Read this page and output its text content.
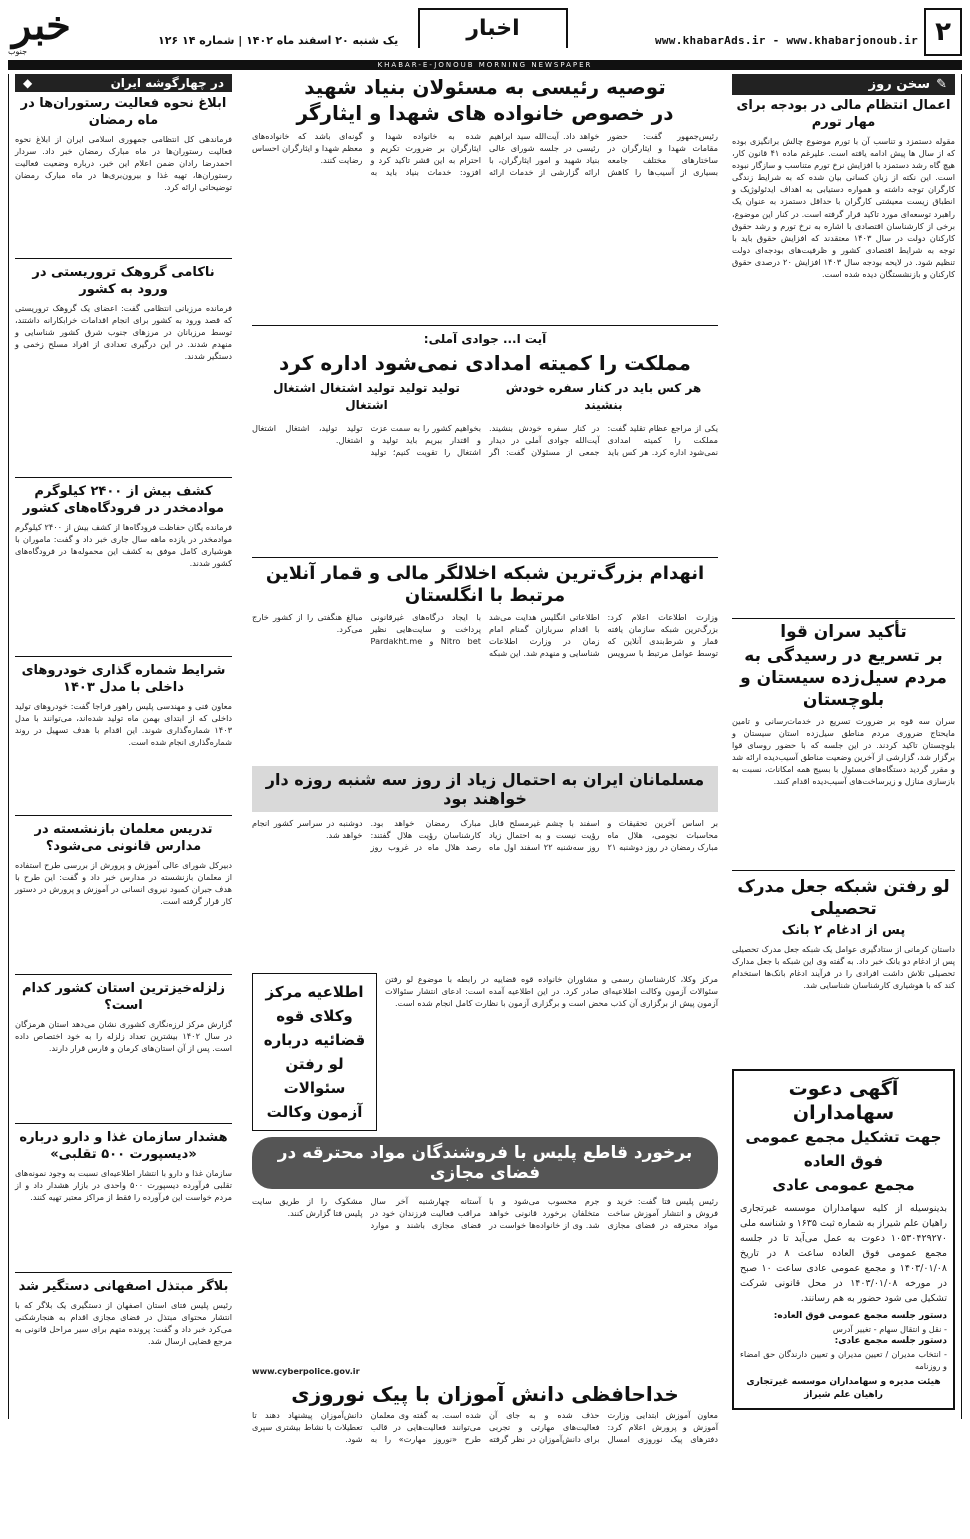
۲
www.khabarAds.ir - www.khabarjonoub.ir
اخبار
یک شنبه ۲۰ اسفند ماه ۱۴۰۲ | شماره ۱۴ ۱۲۶
خبر
جنوب
KHABAR-E-JONOUB MORNING NEWSPAPER
✎
سخن روز
اعمال انتظام مالی در بودجه برای مهار تورم
مقوله دستمزد و تناسب آن با تورم موضوع چالش برانگیزی بوده که از سال ها پیش ادامه یافته است. علیرغم ماده ۴۱ قانون کار، هیچ گاه رشد دستمزد با افزایش نرخ تورم متناسب و سازگار نبوده است. این نکته از زبان کسانی بیان شده که به شرایط زندگی کارگران توجه داشته و همواره دستیابی به اهداف ایدئولوژیک و انطباق زیست معیشتی کارگران با حداقل دستمزد به عنوان یک راهبرد توسعه‌ای مورد تاکید قرار گرفته است. در کنار این موضوع، برخی از کارشناسان اقتصادی با اشاره به نرخ تورم و رشد حقوق کارکنان دولت در سال ۱۴۰۳ معتقدند که افزایش حقوق باید با توجه به شرایط اقتصادی کشور و ظرفیت‌های بودجه‌ای دولت تنظیم شود. در لایحه بودجه سال ۱۴۰۳ افزایش ۲۰ درصدی حقوق کارکنان و بازنشستگان دیده شده است.
تأکید سران قوا
بر تسریع در رسیدگی به مردم سیل‌زده سیستان و بلوچستان
سران سه قوه بر ضرورت تسریع در خدمات‌رسانی و تامین مایحتاج ضروری مردم مناطق سیل‌زده استان سیستان و بلوچستان تاکید کردند. در این جلسه که با حضور روسای قوا برگزار شد، گزارشی از آخرین وضعیت مناطق آسیب‌دیده ارائه شد و مقرر گردید دستگاه‌های مسئول با بسیج همه امکانات، نسبت به بازسازی منازل و زیرساخت‌های آسیب‌دیده اقدام کنند.
لو رفتن شبکه جعل مدرک تحصیلی
پس از ادغام ۲ بانک
داستان کرمانی از ستادگیری عوامل یک شبکه جعل مدرک تحصیلی پس از ادغام دو بانک خبر داد. به گفته وی این شبکه با جعل مدارک تحصیلی تلاش داشت افرادی را در فرآیند ادغام بانک‌ها استخدام کند که با هوشیاری کارشناسان شناسایی شد.
آگهی دعوت سهامداران
جهت تشکیل مجمع عمومی فوق العاده
مجمع عمومی عادی
بدینوسیله از کلیه سهامداران موسسه غیرتجاری راهیان علم شیراز به شماره ثبت ۱۶۳۵ و شناسه ملی ۱۰۵۳۰۴۲۹۲۷۰ دعوت به عمل می‌آید تا در جلسه مجمع عمومی فوق العاده ساعت ۸ در تاریخ ۱۴۰۳/۰۱/۰۸ و مجمع عمومی عادی ساعت ۱۰ صبح در مورخه ۱۴۰۳/۰۱/۰۸ در محل قانونی شرکت تشکیل می شود حضور به هم رسانند.
دستور جلسه مجمع عمومی فوق العاده:
- نقل و انتقال سهام - تغییر آدرس
دستور جلسه مجمع عادی:
- انتخاب مدیران / تعیین مدیران و تعیین دارندگان حق امضاء و روزنامه
هیئت مدیره و سهامداران موسسه غیرتجاری راهیان علم شیراز
توصیه رئیسی به مسئولان بنیاد شهید
در خصوص خانواده های شهدا و ایثارگر
رئیس‌جمهور گفت: حضور مقامات شهدا و ایثارگران در ساختارهای مختلف جامعه بسیاری از آسیب‌ها را کاهش خواهد داد. آیت‌الله سید ابراهیم رئیسی در جلسه شورای عالی بنیاد شهید و امور ایثارگران، با ارائه گزارشی از خدمات ارائه شده به خانواده شهدا و ایثارگران بر ضرورت تکریم و احترام به این قشر تاکید کرد و افزود: خدمات بنیاد باید به گونه‌ای باشد که خانواده‌های معظم شهدا و ایثارگران احساس رضایت کنند.
آیت ا... جوادی آملی:
مملکت را کمیته امدادی نمی‌شود اداره کرد
هر کس باید در کنار سفره خودش بنشیند
تولید تولید تولید اشتغال اشتغال اشتغال
یکی از مراجع عظام تقلید گفت: مملکت را کمیته امدادی نمی‌شود اداره کرد. هر کس باید در کنار سفره خودش بنشیند. آیت‌الله جوادی آملی در دیدار جمعی از مسئولان گفت: اگر بخواهیم کشور را به سمت عزت و اقتدار ببریم باید تولید و اشتغال را تقویت کنیم؛ تولید تولید تولید، اشتغال اشتغال اشتغال.
انهدام بزرگ‌ترین شبکه اخلالگر مالی و قمار آنلاین مرتبط با انگلستان
وزارت اطلاعات اعلام کرد: بزرگ‌ترین شبکه سازمان یافته قمار و شرط‌بندی آنلاین که توسط عوامل مرتبط با سرویس اطلاعاتی انگلیس هدایت می‌شد با اقدام سربازان گمنام امام زمان در وزارت اطلاعات شناسایی و منهدم شد. این شبکه با ایجاد درگاه‌های غیرقانونی پرداخت و سایت‌هایی نظیر Nitro bet و Pardakht.me مبالغ هنگفتی را از کشور خارج می‌کرد.
مسلمانان ایران به احتمال زیاد از روز سه شنبه روزه دار خواهند بود
بر اساس آخرین تحقیقات و محاسبات نجومی، هلال ماه مبارک رمضان در روز دوشنبه ۲۱ اسفند با چشم غیرمسلح قابل رؤیت نیست و به احتمال زیاد روز سه‌شنبه ۲۲ اسفند اول ماه مبارک رمضان خواهد بود. کارشناسان رؤیت هلال گفتند: رصد هلال ماه در غروب روز دوشنبه در سراسر کشور انجام خواهد شد.
مرکز وکلا، کارشناسان رسمی و مشاوران خانواده قوه قضاییه در رابطه با موضوع لو رفتن سئوالات آزمون وکالت اطلاعیه‌ای صادر کرد. در این اطلاعیه آمده است: ادعای انتشار سئوالات آزمون پیش از برگزاری آن کذب محض است و برگزاری آزمون با نظارت کامل انجام شده است.
اطلاعیه مرکز وکلای قوه قضائیه درباره لو رفتن سئوالات آزمون وکالت
برخورد قاطع پلیس با فروشندگان مواد محترقه در فضای مجازی
رئیس پلیس فتا گفت: خرید و فروش و انتشار آموزش ساخت مواد محترقه در فضای مجازی جرم محسوب می‌شود و با متخلفان برخورد قانونی خواهد شد. وی از خانواده‌ها خواست در آستانه چهارشنبه آخر سال مراقب فعالیت فرزندان خود در فضای مجازی باشند و موارد مشکوک را از طریق سایت پلیس فتا گزارش کنند.
www.cyberpolice.gov.ir
خداحافظی دانش آموزان با پیک نوروزی
معاون آموزش ابتدایی وزارت آموزش و پرورش اعلام کرد: دفترهای پیک نوروزی امسال حذف شده و به جای آن فعالیت‌های مهارتی و تجربی برای دانش‌آموزان در نظر گرفته شده است. به گفته وی معلمان می‌توانند فعالیت‌هایی در قالب طرح «نوروز مهارت» را به دانش‌آموزان پیشنهاد دهند تا تعطیلات با نشاط بیشتری سپری شود.
در چهارگوشه ایران
◆
ابلاغ نحوه فعالیت رستوران‌ها در ماه رمضان
فرماندهی کل انتظامی جمهوری اسلامی ایران از ابلاغ نحوه فعالیت رستوران‌ها در ماه مبارک رمضان خبر داد. سردار احمدرضا رادان ضمن اعلام این خبر، درباره وضعیت فعالیت رستوران‌ها، تهیه غذا و بیرون‌بری‌ها در ماه مبارک رمضان توضیحاتی ارائه کرد.
ناکامی گروهک تروریستی در ورود به کشور
فرمانده مرزبانی انتظامی گفت: اعضای یک گروهک تروریستی که قصد ورود به کشور برای انجام اقدامات خرابکارانه داشتند، توسط مرزبانان در مرزهای جنوب شرق کشور شناسایی و منهدم شدند. در این درگیری تعدادی از افراد مسلح زخمی و دستگیر شدند.
کشف بیش از ۲۴۰۰ کیلوگرم موادمخدر در فرودگاه‌های کشور
فرمانده یگان حفاظت فرودگاه‌ها از کشف بیش از ۲۴۰۰ کیلوگرم موادمخدر در یازده ماهه سال جاری خبر داد و گفت: ماموران با هوشیاری کامل موفق به کشف این محموله‌ها در فرودگاه‌های کشور شدند.
شرایط شماره گذاری خودروهای داخلی با مدل ۱۴۰۳
معاون فنی و مهندسی پلیس راهور فراجا گفت: خودروهای تولید داخلی که از ابتدای بهمن ماه تولید شده‌اند، می‌توانند با مدل ۱۴۰۳ شماره‌گذاری شوند. این اقدام با هدف تسهیل در روند شماره‌گذاری انجام شده است.
تدریس معلمان بازنشسته در مدارس قانونی می‌شود؟
دبیرکل شورای عالی آموزش و پرورش از بررسی طرح استفاده از معلمان بازنشسته در مدارس خبر داد و گفت: این طرح با هدف جبران کمبود نیروی انسانی در آموزش و پرورش در دستور کار قرار گرفته است.
زلزله‌خیزترین استان کشور کدام است؟
گزارش مرکز لرزه‌نگاری کشوری نشان می‌دهد استان هرمزگان در سال ۱۴۰۲ بیشترین تعداد زلزله را به خود اختصاص داده است. پس از آن استان‌های کرمان و فارس قرار دارند.
هشدار سازمان غذا و دارو درباره «دیسپورت ۵۰۰ تقلبی»
سازمان غذا و دارو با انتشار اطلاعیه‌ای نسبت به وجود نمونه‌های تقلبی فرآورده دیسپورت ۵۰۰ واحدی در بازار هشدار داد و از مردم خواست این فرآورده را فقط از مراکز معتبر تهیه کنند.
بلاگر مبتذل اصفهانی دستگیر شد
رئیس پلیس فتای استان اصفهان از دستگیری یک بلاگر که با انتشار محتوای مبتذل در فضای مجازی اقدام به هنجارشکنی می‌کرد خبر داد و گفت: پرونده متهم برای سیر مراحل قانونی به مرجع قضایی ارسال شد.
